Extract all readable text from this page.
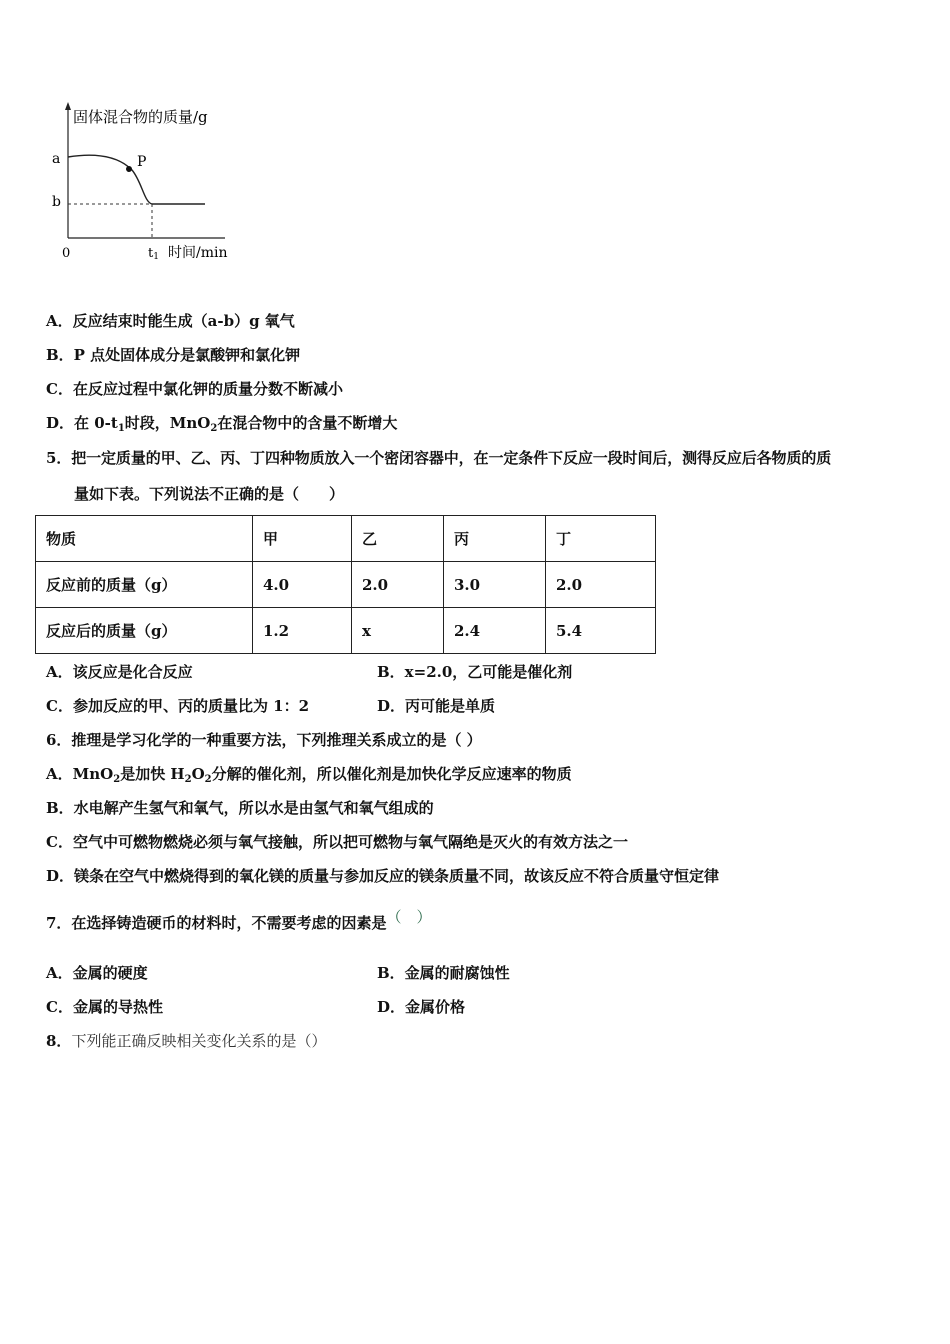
固体混合物的质量/g
a
b
P
0	t1 时间/min
A．反应结束时能生成（a-b）g 氧气
B．P 点处固体成分是氯酸钾和氯化钾
C．在反应过程中氯化钾的质量分数不断减小
D．在 $0-t_1$时段，MnO$_2$在混合物中的含量不断增大
5．把一定质量的甲、乙、丙、丁四种物质放入一个密闭容器中，在一定条件下反应一段时间后，测得反应后各物质的质
量如下表。下列说法不正确的是（　　）
物质	甲	乙	丙	丁
反应前的质量（g）	4.0	2.0	3.0	2.0
反应后的质量（g）	1.2	x	2.4	5.4
A．该反应是化合反应	B．x=2.0，乙可能是催化剂
C．参加反应的甲、丙的质量比为 1：2	D．丙可能是单质
6．推理是学习化学的一种重要方法，下列推理关系成立的是（ ）
A．MnO$_2$是加快 $H_2O_2$分解的催化剂，所以催化剂是加快化学反应速率的物质
B．水电解产生氢气和氧气，所以水是由氢气和氧气组成的
C．空气中可燃物燃烧必须与氧气接触，所以把可燃物与氧气隔绝是灭火的有效方法之一
D．镁条在空气中燃烧得到的氧化镁的质量与参加反应的镁条质量不同，故该反应不符合质量守恒定律
7．在选择铸造硬币的材料时，不需要考虑的因素是（　）
A．金属的硬度	B．金属的耐腐蚀性
C．金属的导热性	D．金属价格
8．下列能正确反映相关变化关系的是（）
